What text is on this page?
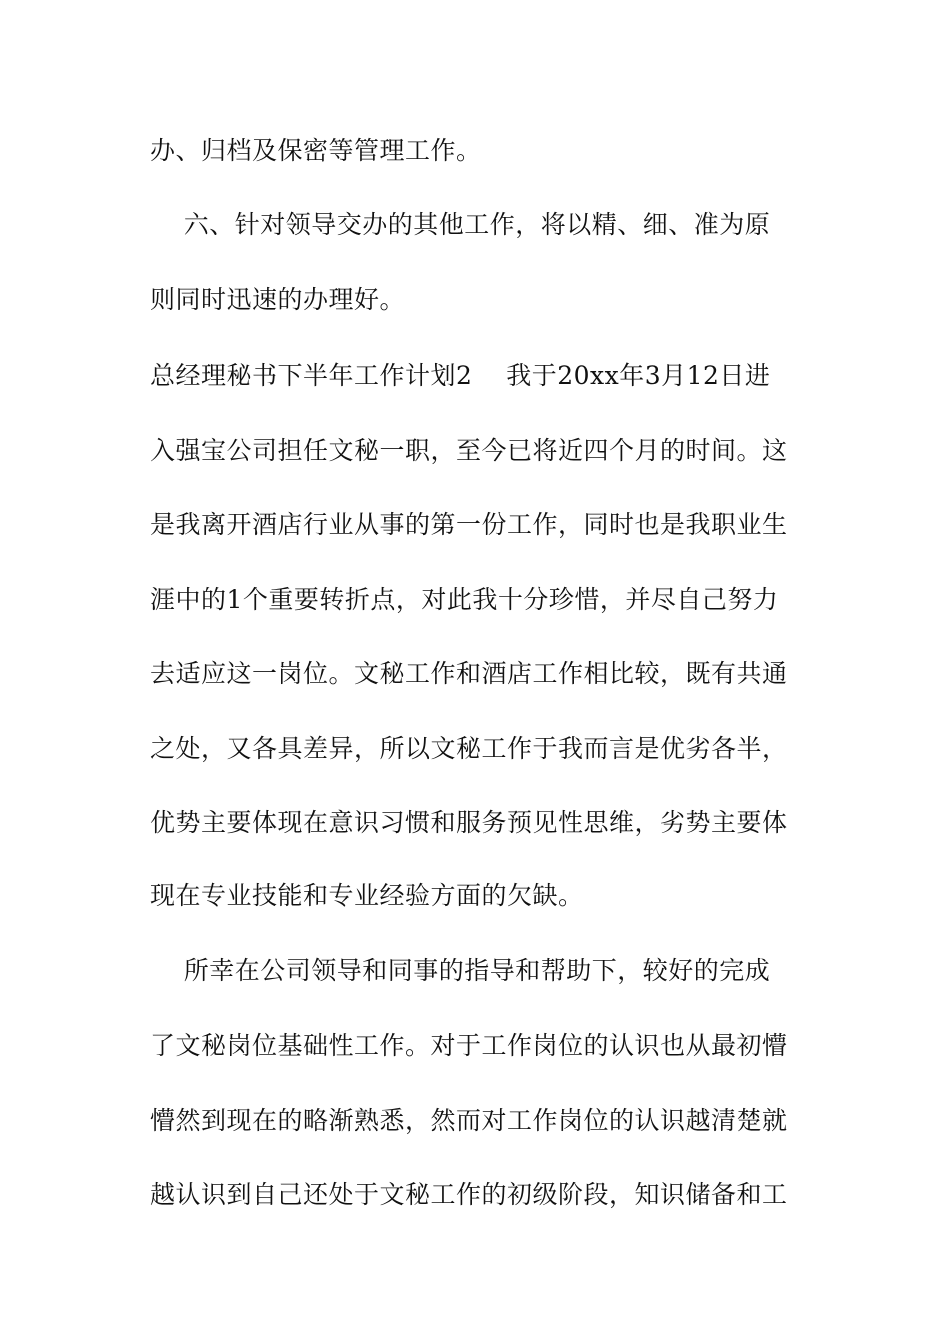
办、归档及保密等管理工作。
六、针对领导交办的其他工作，将以精、细、准为原
则同时迅速的办理好。
总经理秘书下半年工作计划2    我于20xx年3月12日进
入强宝公司担任文秘一职，至今已将近四个月的时间。这
是我离开酒店行业从事的第一份工作，同时也是我职业生
涯中的1个重要转折点，对此我十分珍惜，并尽自己努力
去适应这一岗位。文秘工作和酒店工作相比较，既有共通
之处，又各具差异，所以文秘工作于我而言是优劣各半，
优势主要体现在意识习惯和服务预见性思维，劣势主要体
现在专业技能和专业经验方面的欠缺。
所幸在公司领导和同事的指导和帮助下，较好的完成
了文秘岗位基础性工作。对于工作岗位的认识也从最初懵
懵然到现在的略渐熟悉，然而对工作岗位的认识越清楚就
越认识到自己还处于文秘工作的初级阶段，知识储备和工
